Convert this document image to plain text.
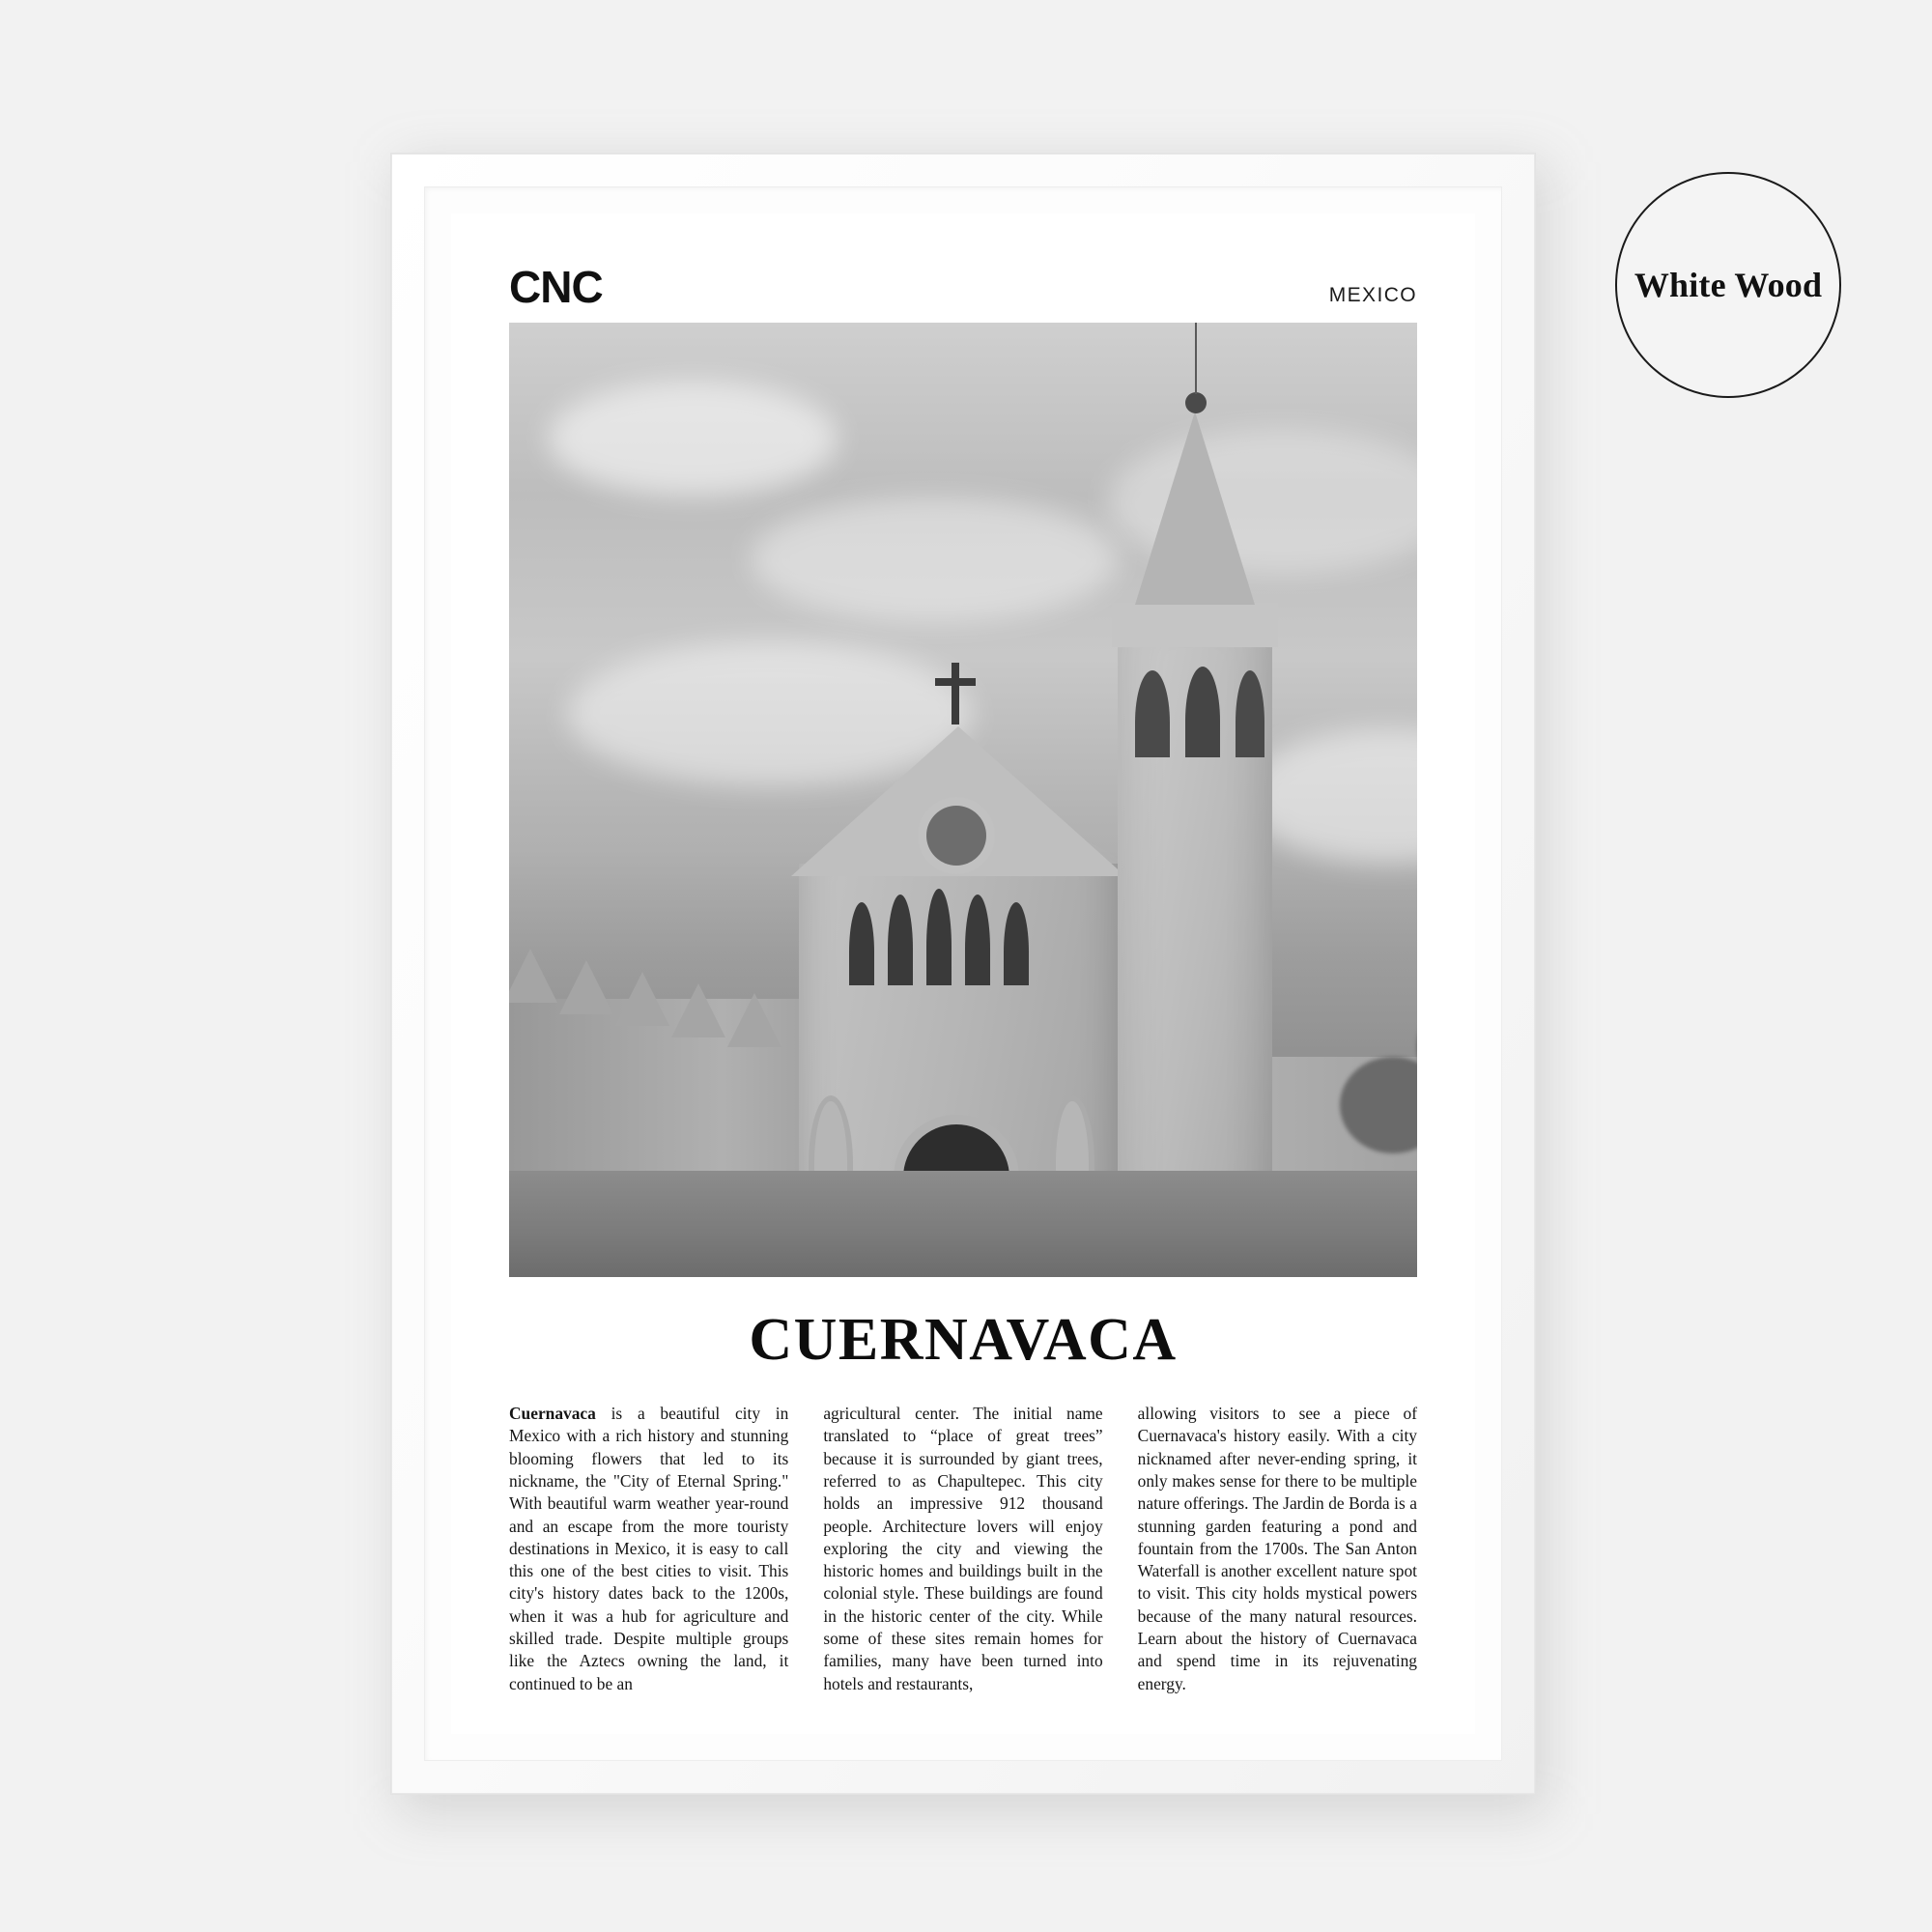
White Wood
CNC	MEXICO
CUERNAVACA
Cuernavaca is a beautiful city in Mexico with a rich history and stunning blooming flowers that led to its nickname, the "City of Eternal Spring." With beautiful warm weather year-round and an escape from the more touristy destinations in Mexico, it is easy to call this one of the best cities to visit. This city's history dates back to the 1200s, when it was a hub for agriculture and skilled trade. Despite multiple groups like the Aztecs owning the land, it continued to be an
agricultural center. The initial name translated to “place of great trees” because it is surrounded by giant trees, referred to as Chapultepec. This city holds an impressive 912 thousand people. Architecture lovers will enjoy exploring the city and viewing the historic homes and buildings built in the colonial style. These buildings are found in the historic center of the city. While some of these sites remain homes for families, many have been turned into hotels and restaurants,
allowing visitors to see a piece of Cuernavaca's history easily. With a city nicknamed after never-ending spring, it only makes sense for there to be multiple nature offerings. The Jardin de Borda is a stunning garden featuring a pond and fountain from the 1700s. The San Anton Waterfall is another excellent nature spot to visit. This city holds mystical powers because of the many natural resources. Learn about the history of Cuernavaca and spend time in its rejuvenating energy.
